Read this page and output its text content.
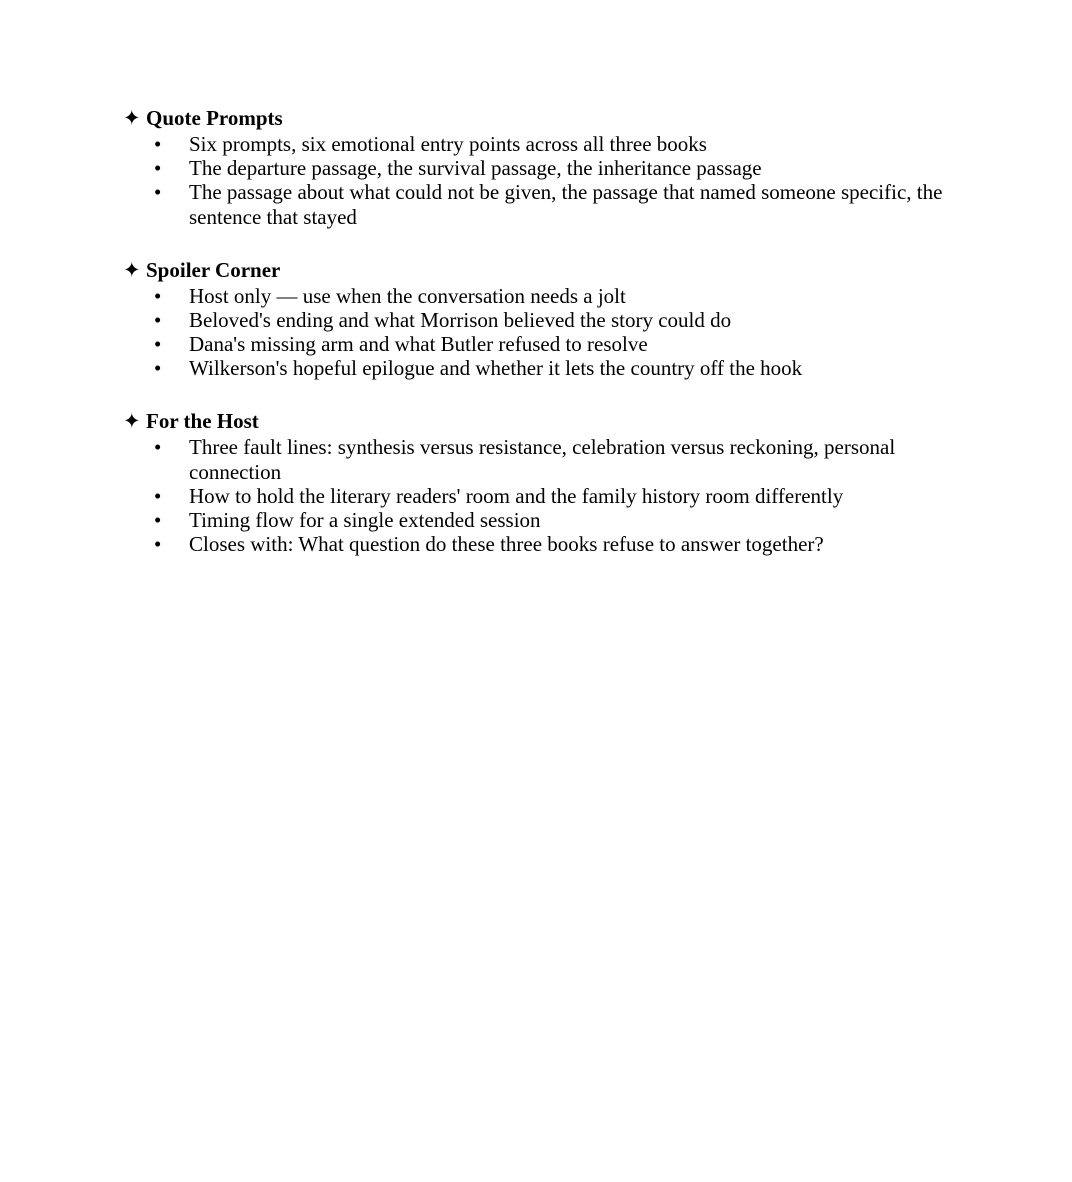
✦ Quote Prompts
• Six prompts, six emotional entry points across all three books
• The departure passage, the survival passage, the inheritance passage
• The passage about what could not be given, the passage that named someone specific, the sentence that stayed
✦ Spoiler Corner
• Host only — use when the conversation needs a jolt
• Beloved's ending and what Morrison believed the story could do
• Dana's missing arm and what Butler refused to resolve
• Wilkerson's hopeful epilogue and whether it lets the country off the hook
✦ For the Host
• Three fault lines: synthesis versus resistance, celebration versus reckoning, personal connection
• How to hold the literary readers' room and the family history room differently
• Timing flow for a single extended session
• Closes with: What question do these three books refuse to answer together?
